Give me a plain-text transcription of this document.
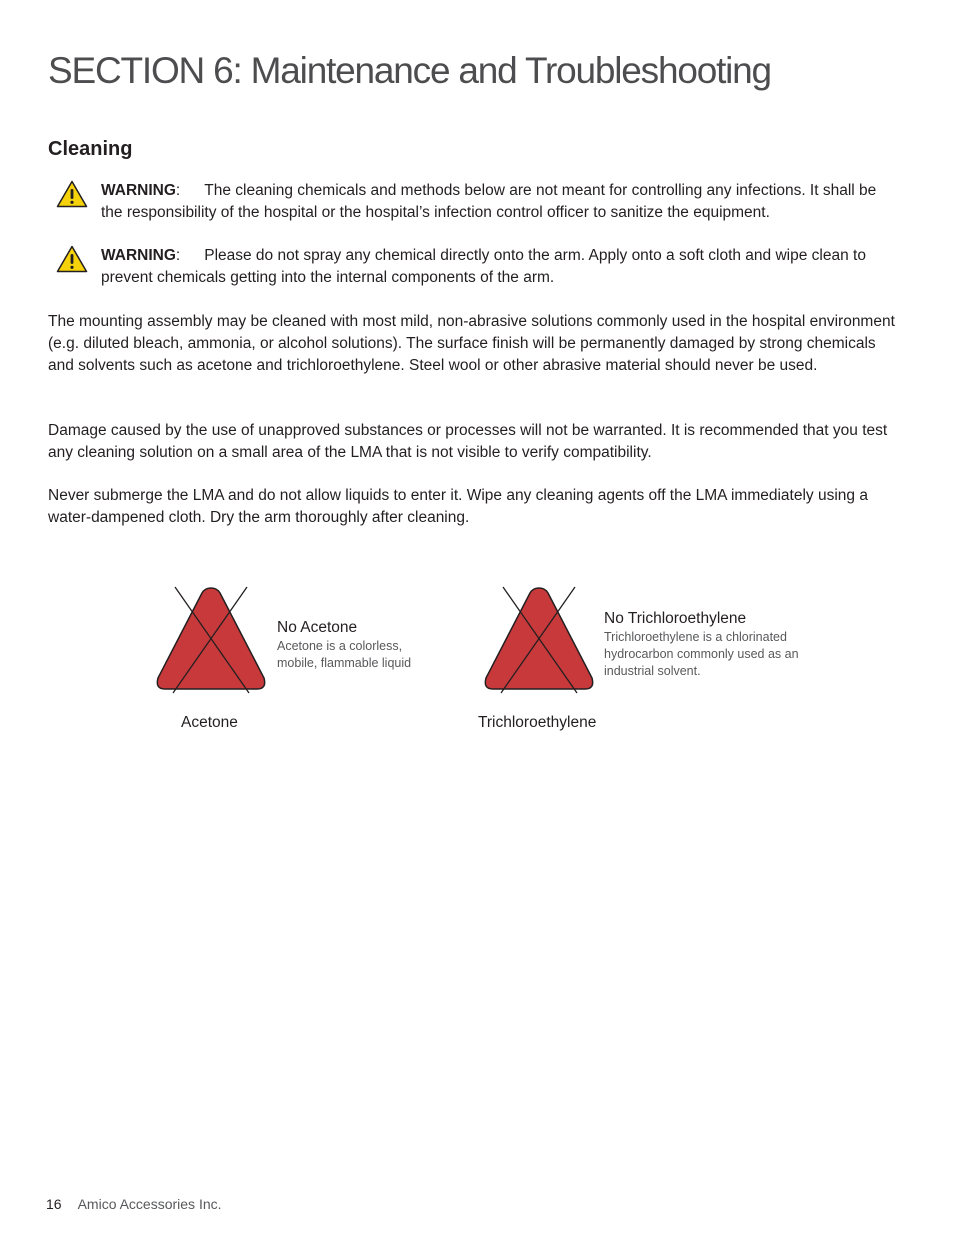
SECTION 6: Maintenance and Troubleshooting
Cleaning
WARNING: The cleaning chemicals and methods below are not meant for controlling any infections. It shall be the responsibility of the hospital or the hospital’s infection control officer to sanitize the equipment.
WARNING: Please do not spray any chemical directly onto the arm. Apply onto a soft cloth and wipe clean to prevent chemicals getting into the internal components of the arm.

The mounting assembly may be cleaned with most mild, non-abrasive solutions commonly used in the hospital environment (e.g. diluted bleach, ammonia, or alcohol solutions). The surface finish will be permanently damaged by strong chemicals and solvents such as acetone and trichloroethylene. Steel wool or other abrasive material should never be used.

Damage caused by the use of unapproved substances or processes will not be warranted. It is recommended that you test any cleaning solution on a small area of the LMA that is not visible to verify compatibility.

Never submerge the LMA and do not allow liquids to enter it. Wipe any cleaning agents off the LMA immediately using a water-dampened cloth. Dry the arm thoroughly after cleaning.

No Acetone

Acetone is a colorless, mobile, flammable liquid

Acetone
No Trichloroethylene

Trichloroethylene is a chlorinated hydrocarbon commonly used as an industrial solvent.

Trichloroethylene
16 Amico Accessories Inc.
